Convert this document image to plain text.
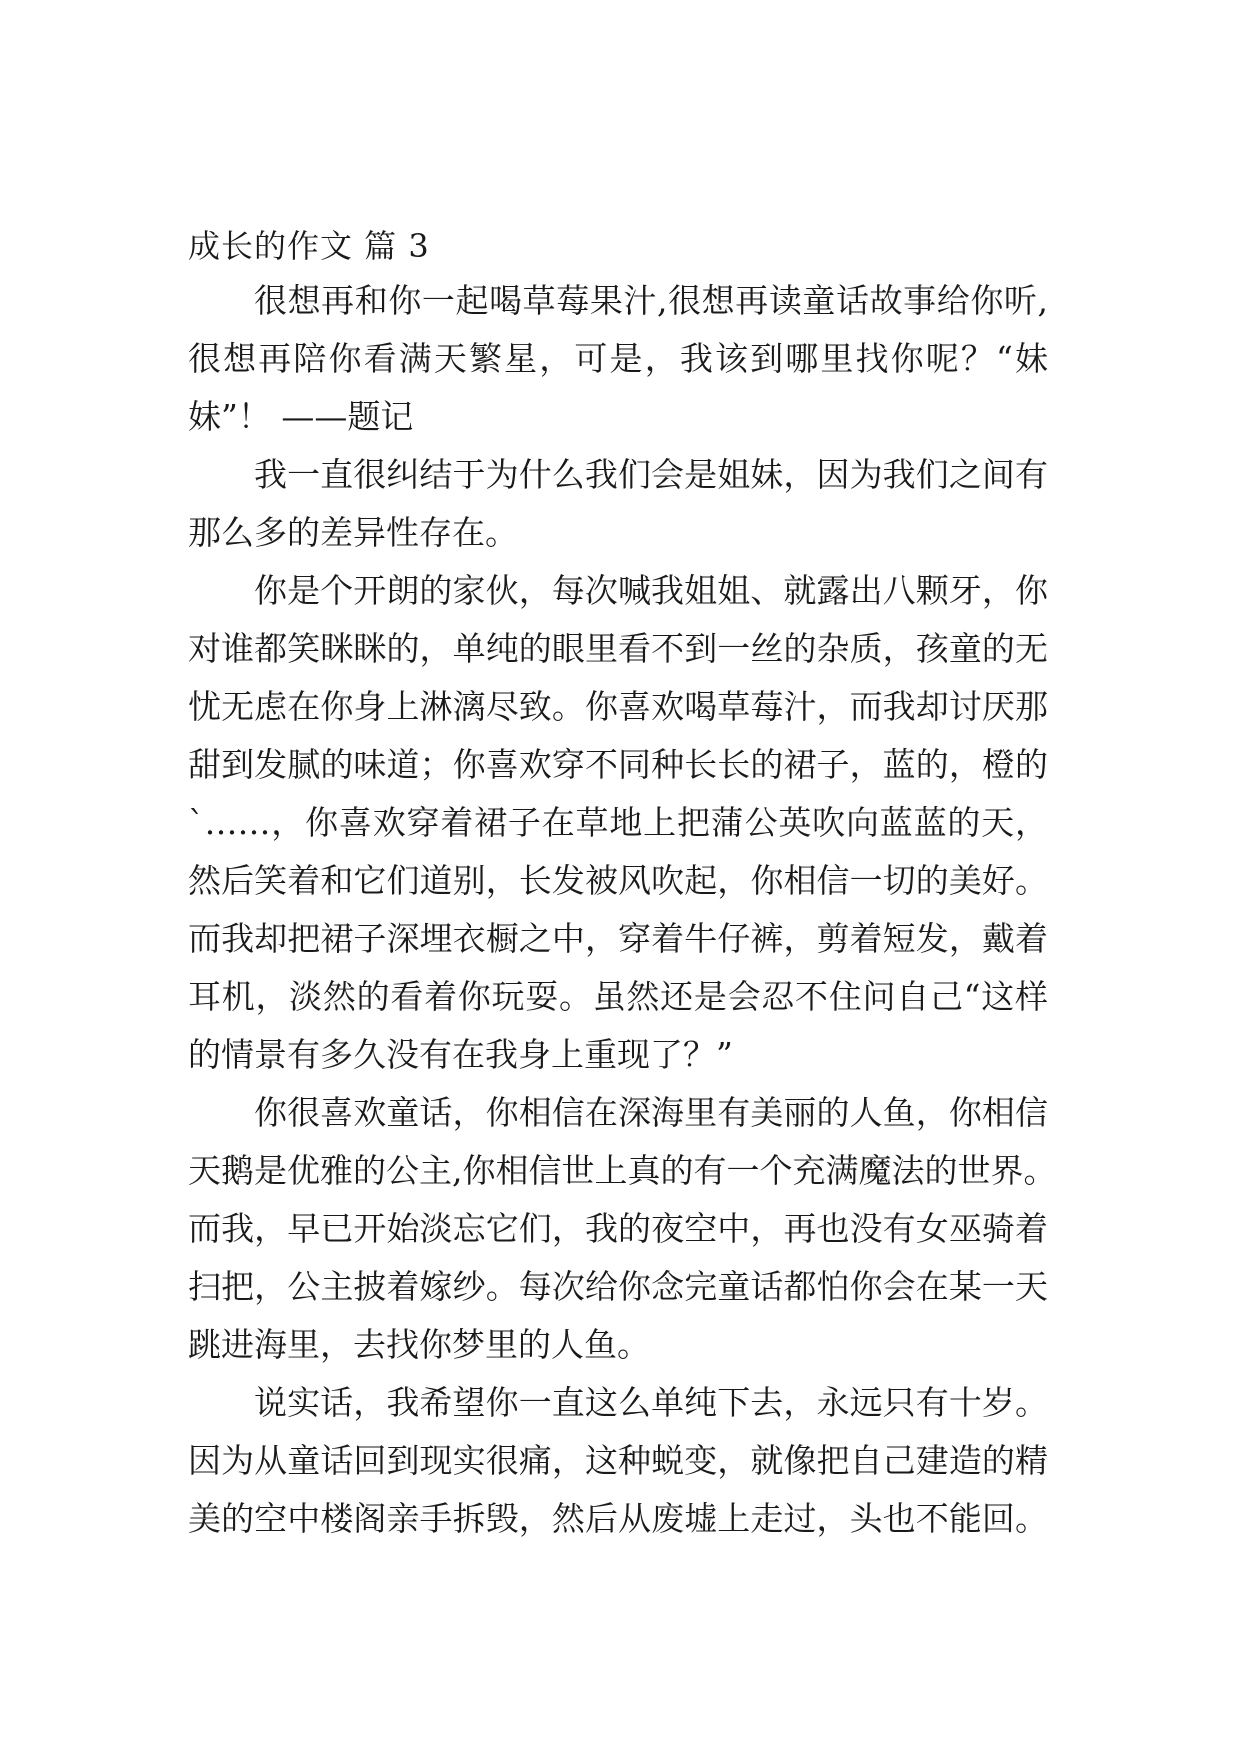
成长的作文 篇 3
很想再和你一起喝草莓果汁,很想再读童话故事给你听,
很想再陪你看满天繁星，可是，我该到哪里找你呢？“妹
妹”！ ——题记
我一直很纠结于为什么我们会是姐妹，因为我们之间有
那么多的差异性存在。
你是个开朗的家伙，每次喊我姐姐、就露出八颗牙，你
对谁都笑眯眯的，单纯的眼里看不到一丝的杂质，孩童的无
忧无虑在你身上淋漓尽致。你喜欢喝草莓汁，而我却讨厌那
甜到发腻的味道；你喜欢穿不同种长长的裙子，蓝的，橙的
`……，你喜欢穿着裙子在草地上把蒲公英吹向蓝蓝的天，
然后笑着和它们道别，长发被风吹起，你相信一切的美好。
而我却把裙子深埋衣橱之中，穿着牛仔裤，剪着短发，戴着
耳机，淡然的看着你玩耍。虽然还是会忍不住问自己“这样
的情景有多久没有在我身上重现了？”
你很喜欢童话，你相信在深海里有美丽的人鱼，你相信
天鹅是优雅的公主,你相信世上真的有一个充满魔法的世界。
而我，早已开始淡忘它们，我的夜空中，再也没有女巫骑着
扫把，公主披着嫁纱。每次给你念完童话都怕你会在某一天
跳进海里，去找你梦里的人鱼。
说实话，我希望你一直这么单纯下去，永远只有十岁。
因为从童话回到现实很痛，这种蜕变，就像把自己建造的精
美的空中楼阁亲手拆毁，然后从废墟上走过，头也不能回。
